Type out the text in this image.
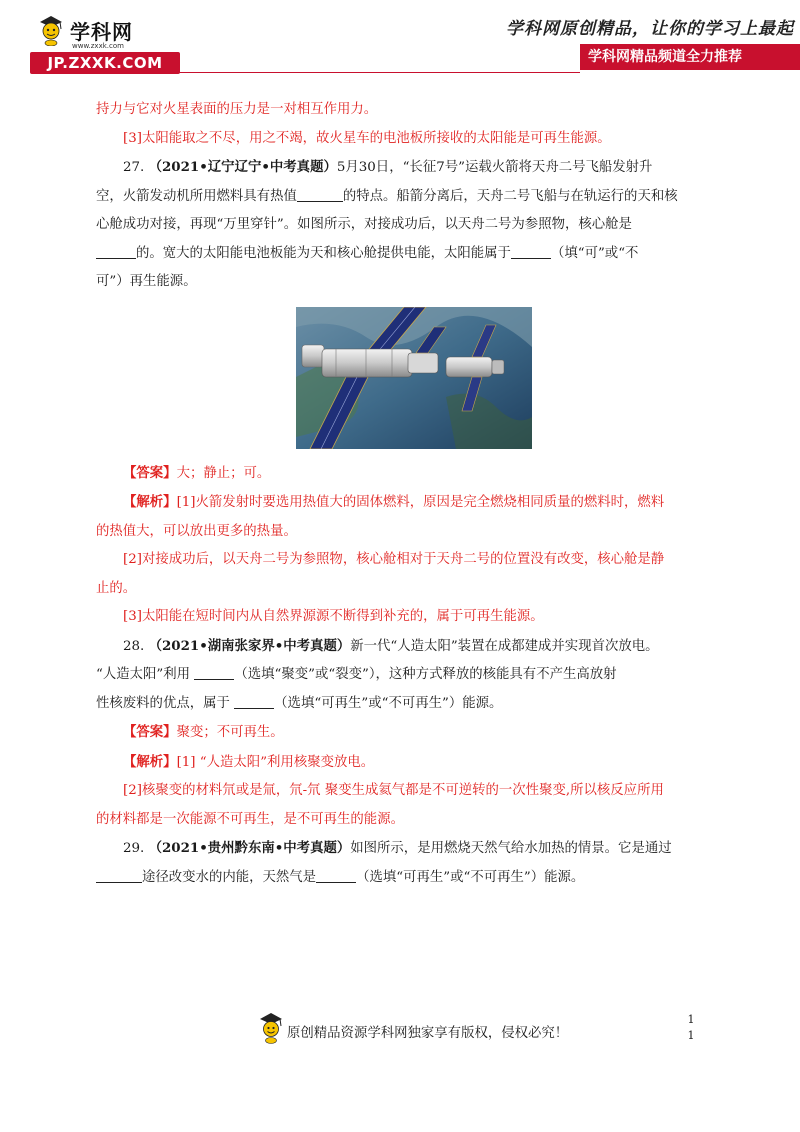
学科网
www.zxxk.com
JP.ZXXK.COM
学科网原创精品，让你的学习上最起
学科网精品频道全力推荐

持力与它对火星表面的压力是一对相互作用力。

[3]太阳能取之不尽，用之不竭，故火星车的电池板所接收的太阳能是可再生能源。

27. （2021•辽宁辽宁•中考真题）5月30日，“长征7号”运载火箭将天舟二号飞船发射升

空，火箭发动机所用燃料具有热值	的特点。船箭分离后，天舟二号飞船与在轨运行的天和核

心舱成功对接，再现“万里穿针”。如图所示，对接成功后，以天舟二号为参照物，核心舱是

的。宽大的太阳能电池板能为天和核心舱提供电能，太阳能属于	（填“可”或“不

可”）再生能源。

【答案】大；静止；可。

【解析】[1]火箭发射时要选用热值大的固体燃料，原因是完全燃烧相同质量的燃料时，燃料

的热值大，可以放出更多的热量。

[2]对接成功后，以天舟二号为参照物，核心舱相对于天舟二号的位置没有改变，核心舱是静

止的。

[3]太阳能在短时间内从自然界源源不断得到补充的，属于可再生能源。

28. （2021•湖南张家界•中考真题）新一代“人造太阳”装置在成都建成并实现首次放电。

“人造太阳”利用	（选填“聚变”或“裂变”），这种方式释放的核能具有不产生高放射

性核废料的优点，属于	（选填“可再生”或“不可再生”）能源。

【答案】聚变；不可再生。

【解析】[1] “人造太阳”利用核聚变放电。

[2]核聚变的材料氘或是氚，氘-氘 聚变生成氦气都是不可逆转的一次性聚变,所以核反应所用

的材料都是一次能源不可再生，是不可再生的能源。

29. （2021•贵州黔东南•中考真题）如图所示，是用燃烧天然气给水加热的情景。它是通过

途径改变水的内能，天然气是	（选填“可再生”或“不可再生”）能源。

原创精品资源学科网独家享有版权，侵权必究！
1
1
